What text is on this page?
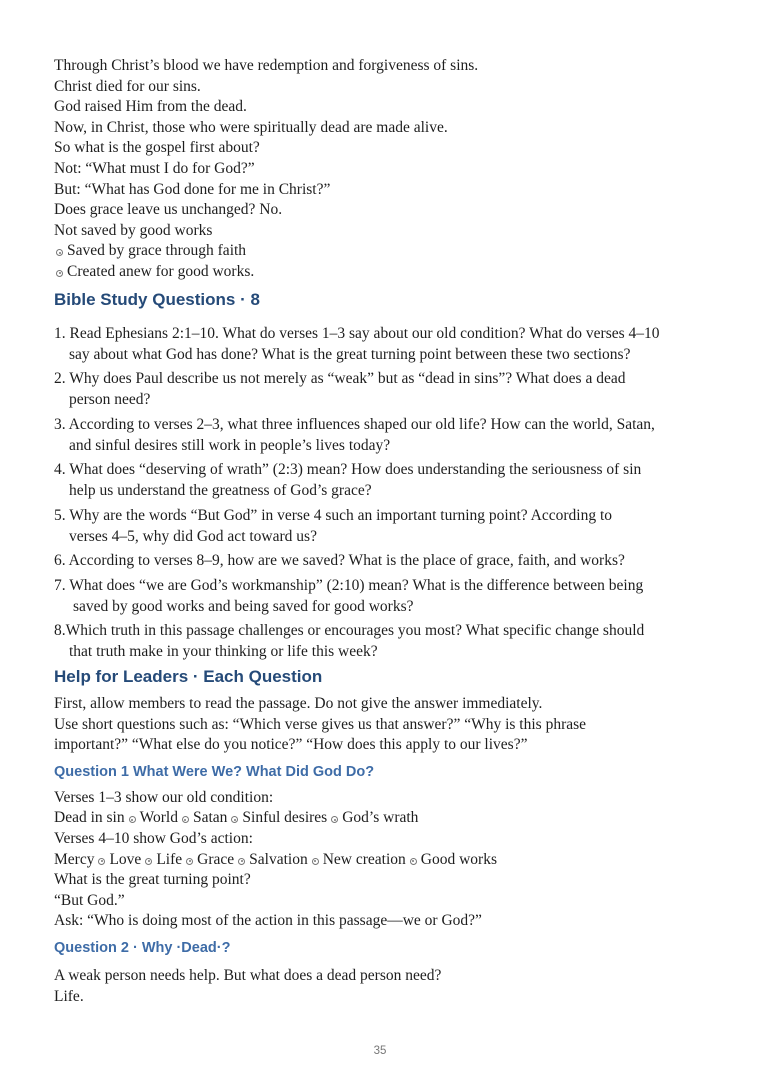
Through Christ’s blood we have redemption and forgiveness of sins.
Christ died for our sins.
God raised Him from the dead.
Now, in Christ, those who were spiritually dead are made alive.
So what is the gospel first about?
Not: “What must I do for God?”
But: “What has God done for me in Christ?”
Does grace leave us unchanged? No.
Not saved by good works
Saved by grace through faith
Created anew for good works.
Bible Study Questions · 8
1. Read Ephesians 2:1–10. What do verses 1–3 say about our old condition? What do verses 4–10
say about what God has done? What is the great turning point between these two sections?
2. Why does Paul describe us not merely as “weak” but as “dead in sins”? What does a dead
person need?
3. According to verses 2–3, what three influences shaped our old life? How can the world, Satan,
and sinful desires still work in people’s lives today?
4. What does “deserving of wrath” (2:3) mean? How does understanding the seriousness of sin
help us understand the greatness of God’s grace?
5. Why are the words “But God” in verse 4 such an important turning point? According to
verses 4–5, why did God act toward us?
6. According to verses 8–9, how are we saved? What is the place of grace, faith, and works?
7. What does “we are God’s workmanship” (2:10) mean? What is the difference between being
saved by good works and being saved for good works?
8.Which truth in this passage challenges or encourages you most? What specific change should
that truth make in your thinking or life this week?
Help for Leaders · Each Question
First, allow members to read the passage. Do not give the answer immediately.
Use short questions such as: “Which verse gives us that answer?” “Why is this phrase
important?” “What else do you notice?” “How does this apply to our lives?”
Question 1 What Were We? What Did God Do?
Verses 1–3 show our old condition:
Dead in sin World Satan Sinful desires God’s wrath
Verses 4–10 show God’s action:
Mercy Love Life Grace Salvation New creation Good works
What is the great turning point?
“But God.”
Ask: “Who is doing most of the action in this passage—we or God?”
Question 2 · Why ·Dead·?
A weak person needs help. But what does a dead person need?
Life.
35
